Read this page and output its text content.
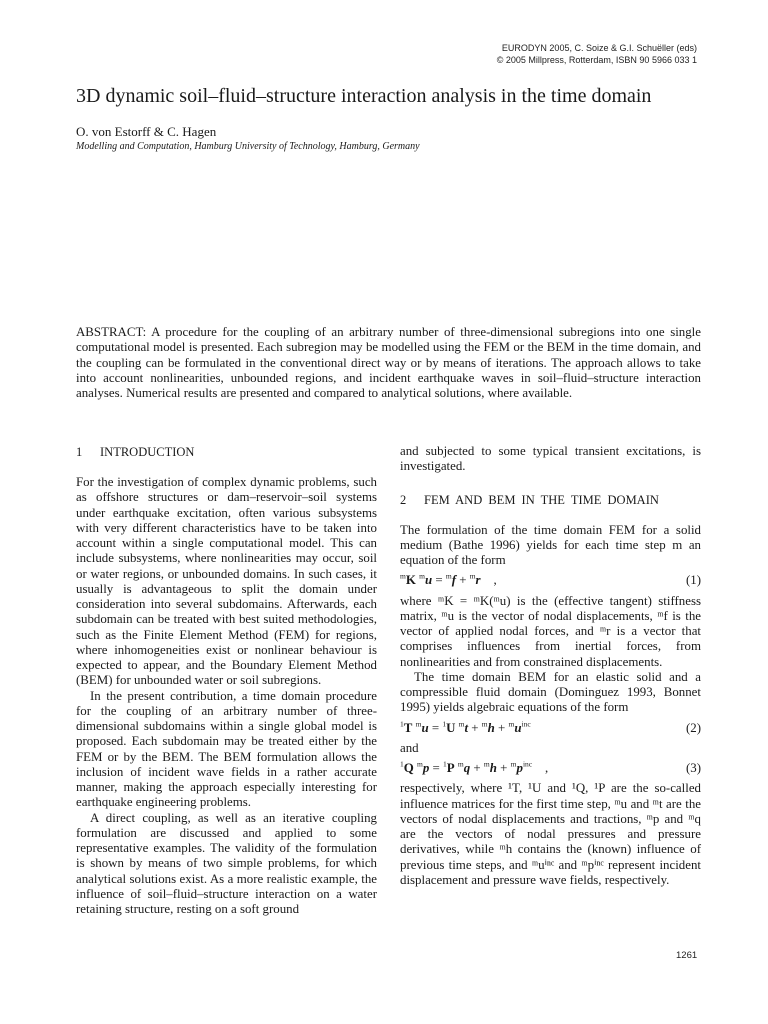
EURODYN 2005, C. Soize & G.I. Schuëller (eds)
© 2005 Millpress, Rotterdam, ISBN 90 5966 033 1
3D dynamic soil–fluid–structure interaction analysis in the time domain
O. von Estorff & C. Hagen
Modelling and Computation, Hamburg University of Technology, Hamburg, Germany
ABSTRACT: A procedure for the coupling of an arbitrary number of three-dimensional subregions into one single computational model is presented. Each subregion may be modelled using the FEM or the BEM in the time domain, and the coupling can be formulated in the conventional direct way or by means of iterations. The approach allows to take into account nonlinearities, unbounded regions, and incident earthquake waves in soil–fluid–structure interaction analyses. Numerical results are presented and compared to analytical solutions, where available.
1 INTRODUCTION

For the investigation of complex dynamic problems, such as offshore structures or dam–reservoir–soil systems under earthquake excitation, often various subsystems with very different characteristics have to be taken into account within a single computational model. This can include subsystems, where nonlinearities may occur, soil or water regions, or unbounded domains. In such cases, it usually is advantageous to split the domain under consideration into several subdomains. Afterwards, each subdomain can be treated with best suited methodologies, such as the Finite Element Method (FEM) for regions, where inhomogeneities exist or nonlinear behaviour is expected to appear, and the Boundary Element Method (BEM) for unbounded water or soil subregions.

In the present contribution, a time domain procedure for the coupling of an arbitrary number of three-dimensional subdomains within a single global model is proposed. Each subdomain may be treated either by the FEM or by the BEM. The BEM formulation allows the inclusion of incident wave fields in a rather accurate manner, making the approach especially interesting for earthquake engineering problems.

A direct coupling, as well as an iterative coupling formulation are discussed and applied to some representative examples. The validity of the formulation is shown by means of two simple problems, for which analytical solutions exist. As a more realistic example, the influence of soil–fluid–structure interaction on a water retaining structure, resting on a soft ground

and subjected to some typical transient excitations, is investigated.

2 FEM AND BEM IN THE TIME DOMAIN

The formulation of the time domain FEM for a solid medium (Bathe 1996) yields for each time step m an equation of the form

$^m$K $^m$u = $^m$f + $^m$r    ,	(1)

where ᵐK = ᵐK(ᵐu) is the (effective tangent) stiffness matrix, ᵐu is the vector of nodal displacements, ᵐf is the vector of applied nodal forces, and ᵐr is a vector that comprises influences from inertial forces, from nonlinearities and from constrained displacements.

The time domain BEM for an elastic solid and a compressible fluid domain (Dominguez 1993, Bonnet 1995) yields algebraic equations of the form

$^1$T $^m$u = $^1$U $^mt + ^mh + ^mu^{inc}$	(2)

and

$^1$Q $^m$p = $^1$P $^mq + ^mh + ^mp^{inc}$    ,	(3)

respectively, where ¹T, ¹U and ¹Q, ¹P are the so-called influence matrices for the first time step, ᵐu and ᵐt are the vectors of nodal displacements and tractions, ᵐp and ᵐq are the vectors of nodal pressures and pressure derivatives, while ᵐh contains the (known) influence of previous time steps, and ᵐuⁱⁿᶜ and ᵐpⁱⁿᶜ represent incident displacement and pressure wave fields, respectively.

1261
